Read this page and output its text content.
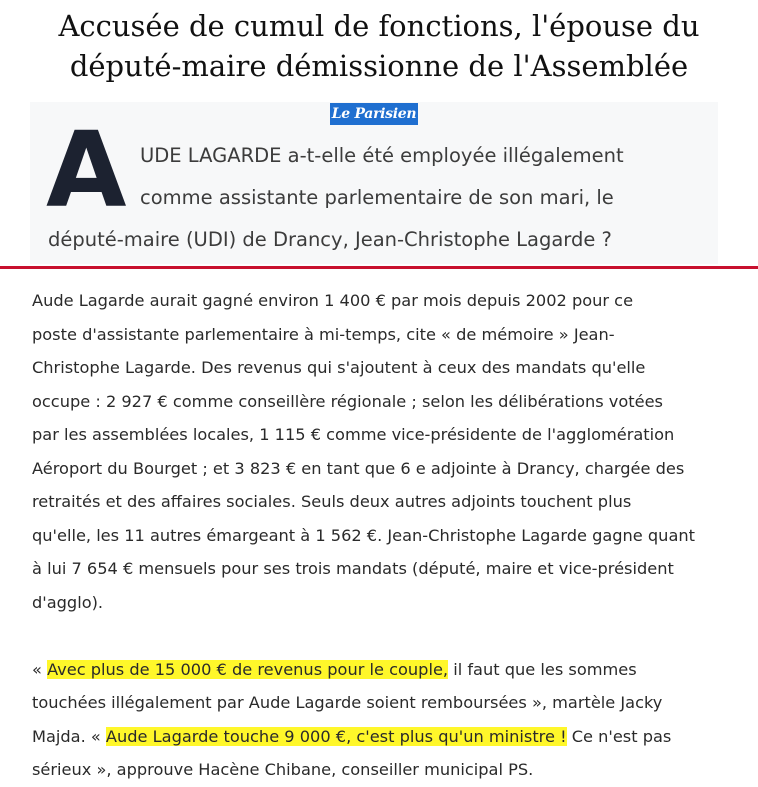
Accusée de cumul de fonctions, l'épouse du
député-maire démissionne de l'Assemblée
Le Parisien
A UDE LAGARDE a-t-elle été employée illégalement
comme assistante parlementaire de son mari, le
député-maire (UDI) de Drancy, Jean-Christophe Lagarde ?
Aude Lagarde aurait gagné environ 1 400 € par mois depuis 2002 pour ce
poste d'assistante parlementaire à mi-temps, cite « de mémoire » Jean-
Christophe Lagarde. Des revenus qui s'ajoutent à ceux des mandats qu'elle
occupe : 2 927 € comme conseillère régionale ; selon les délibérations votées
par les assemblées locales, 1 115 € comme vice-présidente de l'agglomération
Aéroport du Bourget ; et 3 823 € en tant que 6 e adjointe à Drancy, chargée des
retraités et des affaires sociales. Seuls deux autres adjoints touchent plus
qu'elle, les 11 autres émargeant à 1 562 €. Jean-Christophe Lagarde gagne quant
à lui 7 654 € mensuels pour ses trois mandats (député, maire et vice-président
d'agglo).
« Avec plus de 15 000 € de revenus pour le couple, il faut que les sommes
touchées illégalement par Aude Lagarde soient remboursées », martèle Jacky
Majda. « Aude Lagarde touche 9 000 €, c'est plus qu'un ministre ! Ce n'est pas
sérieux », approuve Hacène Chibane, conseiller municipal PS.
